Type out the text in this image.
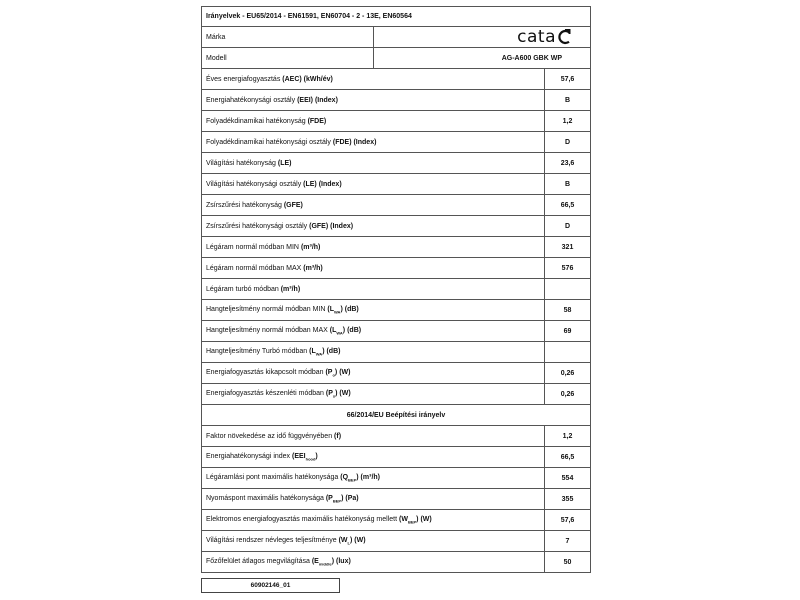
Irányelvek - EU65/2014 - EN61591, EN60704 - 2 - 13E, EN60564		
Márka	cata	

Modell	AG-A600 GBK WP	
Éves energiafogyasztás (AEC) (kWh/év)		57,6
Energiahatékonysági osztály (EEI) (Index)		B
Folyadékdinamikai hatékonyság (FDE)		1,2
Folyadékdinamikai hatékonysági osztály (FDE) (Index)		D
Világítási hatékonyság (LE)		23,6
Világítási hatékonysági osztály (LE) (Index)		B
Zsírszűrési hatékonyság (GFE)		66,5
Zsírszűrési hatékonysági osztály (GFE) (Index)		D
Légáram normál módban MIN (m³/h)		321
Légáram normál módban MAX (m³/h)		576
Légáram turbó módban (m³/h)		
Hangteljesítmény normál módban MIN $(L_{WA})$ (dB)		58
Hangteljesítmény normál módban MAX $(L_{WA})$ (dB)		69
Hangteljesítmény Turbó módban $(L_{WA})$ (dB)		
Energiafogyasztás kikapcsolt módban $(P_o)$ (W)		0,26
Energiafogyasztás készenléti módban $(P_s)$ (W)		0,26
66/2014/EU Beépítési irányelv		
Faktor növekedése az idő függvényében (f)		1,2
Energiahatékonysági index $(EEI_{hood})$		66,5
Légáramlási pont maximális hatékonysága $(Q_{BEP})$ (m³/h)		554
Nyomáspont maximális hatékonysága $(P_{BEP})$ (Pa)		355
Elektromos energiafogyasztás maximális hatékonyság mellett $(W_{BEP})$ (W)		57,6
Világítási rendszer névleges teljesítménye $(W_L)$ (W)		7
Főzőfelület átlagos megvilágítása $(E_{middle})$ (lux)		50
60902146_01
